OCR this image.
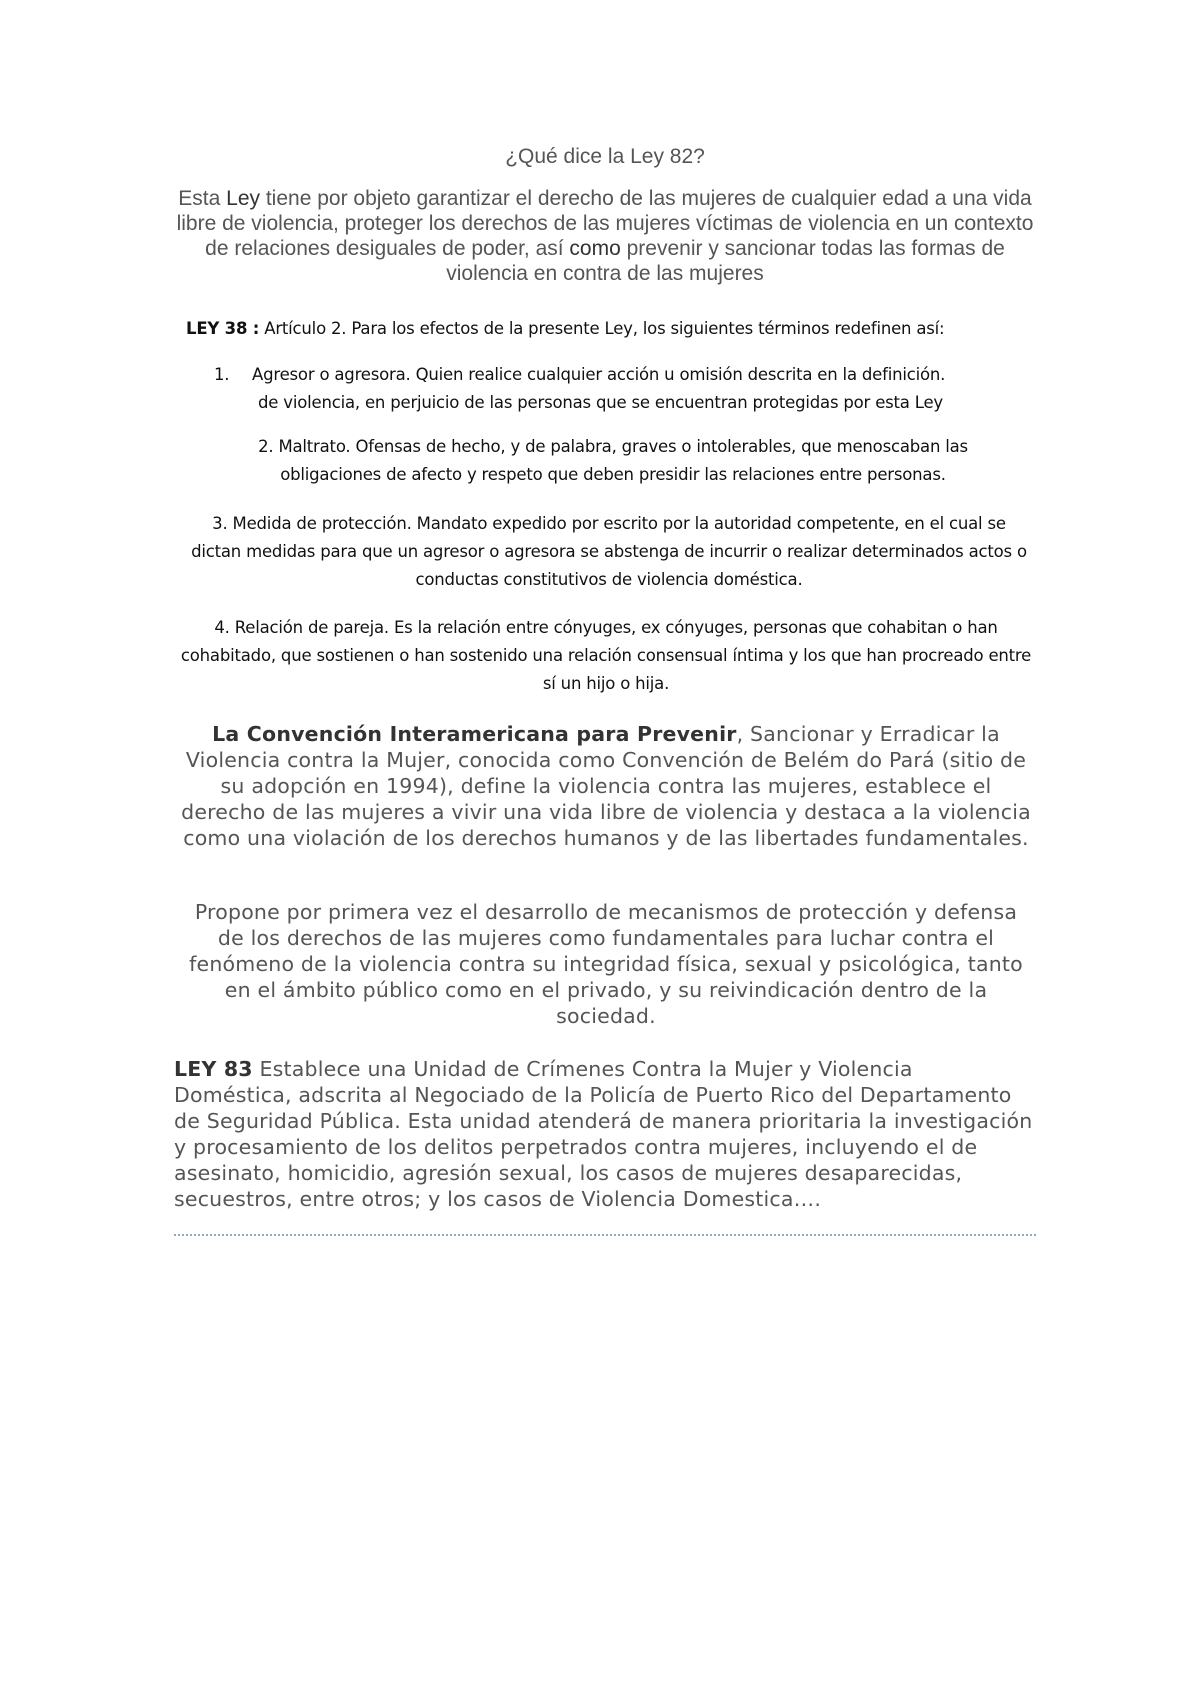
¿Qué dice la Ley 82?
Esta Ley tiene por objeto garantizar el derecho de las mujeres de cualquier edad a una vida libre de violencia, proteger los derechos de las mujeres víctimas de violencia en un contexto de relaciones desiguales de poder, así como prevenir y sancionar todas las formas de violencia en contra de las mujeres
LEY 38 : Artículo 2. Para los efectos de la presente Ley, los siguientes términos redefinen así:
1. Agresor o agresora. Quien realice cualquier acción u omisión descrita en la definición.
de violencia, en perjuicio de las personas que se encuentran protegidas por esta Ley
2. Maltrato. Ofensas de hecho, y de palabra, graves o intolerables, que menoscaban las obligaciones de afecto y respeto que deben presidir las relaciones entre personas.
3. Medida de protección. Mandato expedido por escrito por la autoridad competente, en el cual se dictan medidas para que un agresor o agresora se abstenga de incurrir o realizar determinados actos o conductas constitutivos de violencia doméstica.
4. Relación de pareja. Es la relación entre cónyuges, ex cónyuges, personas que cohabitan o han cohabitado, que sostienen o han sostenido una relación consensual íntima y los que han procreado entre sí un hijo o hija.
La Convención Interamericana para Prevenir, Sancionar y Erradicar la Violencia contra la Mujer, conocida como Convención de Belém do Pará (sitio de su adopción en 1994), define la violencia contra las mujeres, establece el derecho de las mujeres a vivir una vida libre de violencia y destaca a la violencia como una violación de los derechos humanos y de las libertades fundamentales.
Propone por primera vez el desarrollo de mecanismos de protección y defensa de los derechos de las mujeres como fundamentales para luchar contra el fenómeno de la violencia contra su integridad física, sexual y psicológica, tanto en el ámbito público como en el privado, y su reivindicación dentro de la sociedad.
LEY 83 Establece una Unidad de Crímenes Contra la Mujer y Violencia Doméstica, adscrita al Negociado de la Policía de Puerto Rico del Departamento de Seguridad Pública. Esta unidad atenderá de manera prioritaria la investigación y procesamiento de los delitos perpetrados contra mujeres, incluyendo el de asesinato, homicidio, agresión sexual, los casos de mujeres desaparecidas, secuestros, entre otros; y los casos de Violencia Domestica….
